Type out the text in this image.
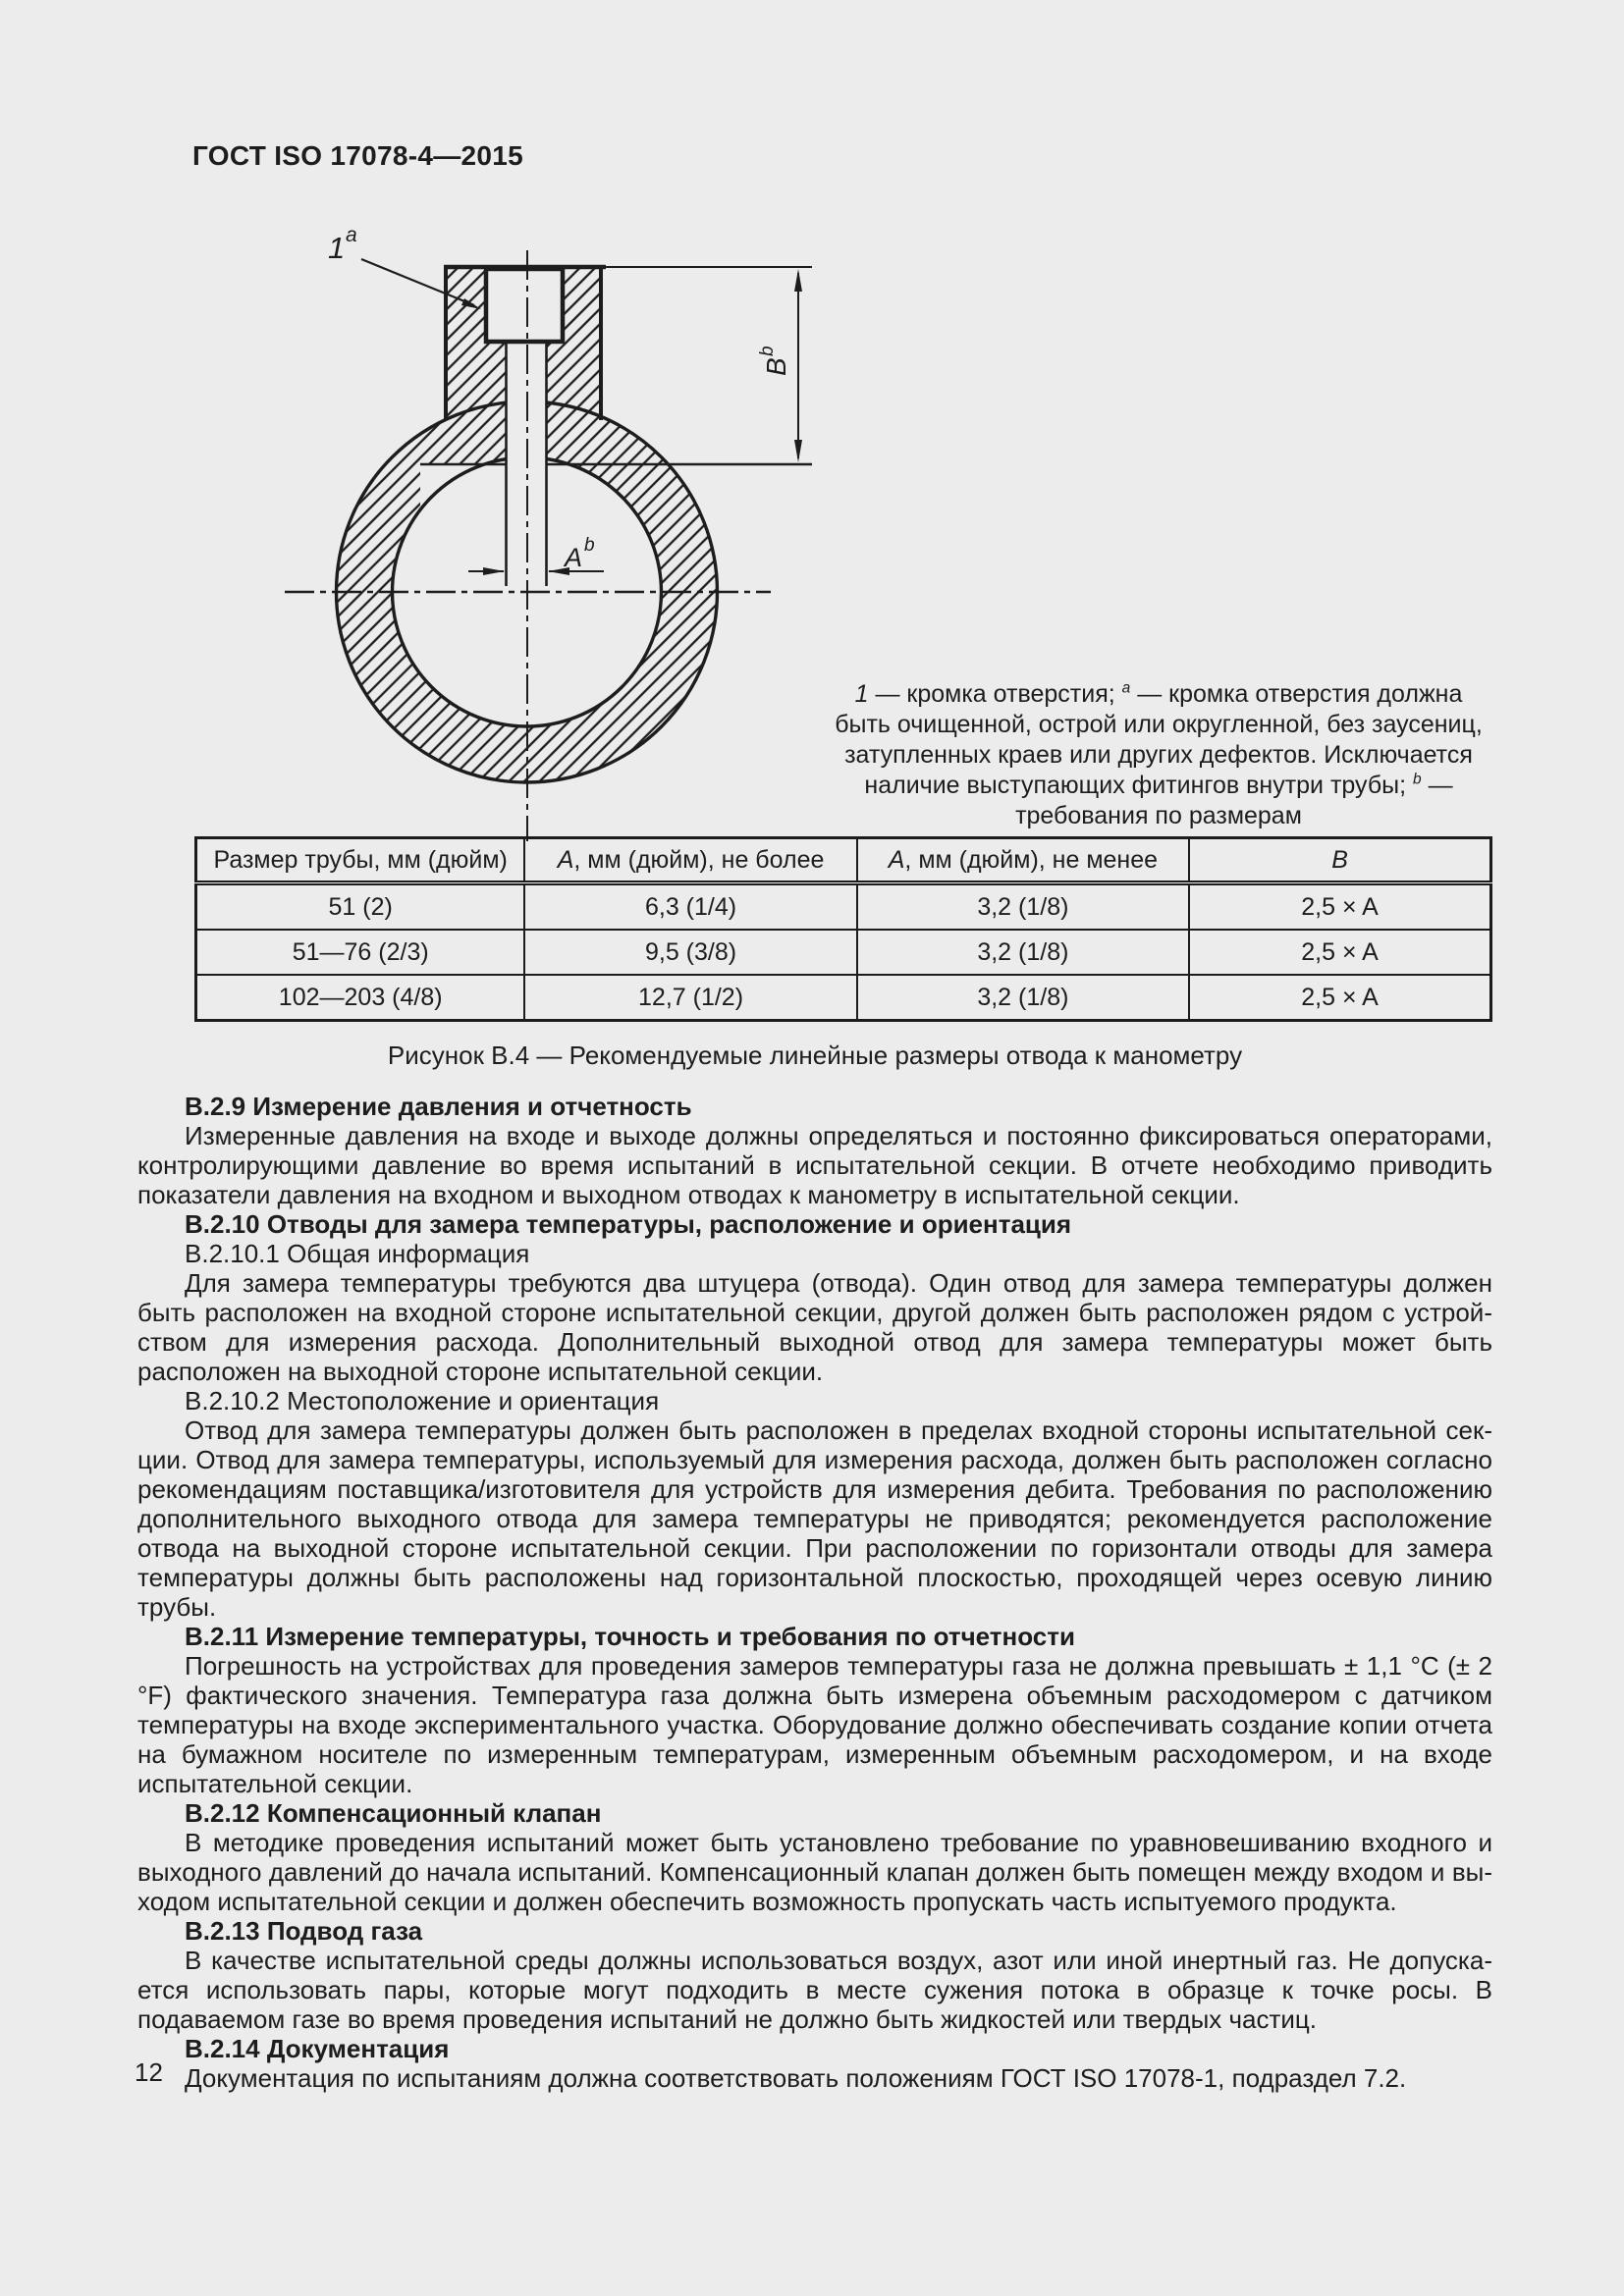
ГОСТ ISO 17078-4—2015
B
b
A b
1 a
1 — кромка отверстия; $^a$ — кромка отверстия должна быть очищенной, острой или округленной, без заусениц, затупленных краев или других дефектов. Исключается наличие выступающих фитингов внутри трубы; $^b$ — требования по размерам
Размер трубы, мм (дюйм)	A, мм (дюйм), не более	A, мм (дюйм), не менее	B
51 (2)	6,3 (1/4)	3,2 (1/8)	2,5 × A
51—76 (2/3)	9,5 (3/8)	3,2 (1/8)	2,5 × A
102—203 (4/8)	12,7 (1/2)	3,2 (1/8)	2,5 × A
Рисунок В.4 — Рекомендуемые линейные размеры отвода к манометру
В.2.9 Измерение давления и отчетность
Измеренные давления на входе и выходе должны определяться и постоянно фиксироваться операторами, контролирующими давление во время испытаний в испытательной секции. В отчете необходимо приводить показатели давления на входном и выходном отводах к манометру в испытательной секции.
В.2.10 Отводы для замера температуры, расположение и ориентация
В.2.10.1 Общая информация
Для замера температуры требуются два штуцера (отвода). Один отвод для замера температуры должен быть расположен на входной стороне испытательной секции, другой должен быть расположен рядом с устройством для измерения расхода. Дополнительный выходной отвод для замера температуры может быть расположен на выходной стороне испытательной секции.
В.2.10.2 Местоположение и ориентация
Отвод для замера температуры должен быть расположен в пределах входной стороны испытательной секции. Отвод для замера температуры, используемый для измерения расхода, должен быть расположен согласно рекомендациям поставщика/изготовителя для устройств для измерения дебита. Требования по расположению дополнительного выходного отвода для замера температуры не приводятся; рекомендуется расположение отвода на выходной стороне испытательной секции. При расположении по горизонтали отводы для замера температуры должны быть расположены над горизонтальной плоскостью, проходящей через осевую линию трубы.
В.2.11 Измерение температуры, точность и требования по отчетности
Погрешность на устройствах для проведения замеров температуры газа не должна превышать ± 1,1 °С (± 2 °F) фактического значения. Температура газа должна быть измерена объемным расходомером с датчиком температуры на входе экспериментального участка. Оборудование должно обеспечивать создание копии отчета на бумажном носителе по измеренным температурам, измеренным объемным расходомером, и на входе испытательной секции.
В.2.12 Компенсационный клапан
В методике проведения испытаний может быть установлено требование по уравновешиванию входного и выходного давлений до начала испытаний. Компенсационный клапан должен быть помещен между входом и выходом испытательной секции и должен обеспечить возможность пропускать часть испытуемого продукта.
В.2.13 Подвод газа
В качестве испытательной среды должны использоваться воздух, азот или иной инертный газ. Не допускается использовать пары, которые могут подходить в месте сужения потока в образце к точке росы. В подаваемом газе во время проведения испытаний не должно быть жидкостей или твердых частиц.
В.2.14 Документация
Документация по испытаниям должна соответствовать положениям ГОСТ ISO 17078-1, подраздел 7.2.
12
